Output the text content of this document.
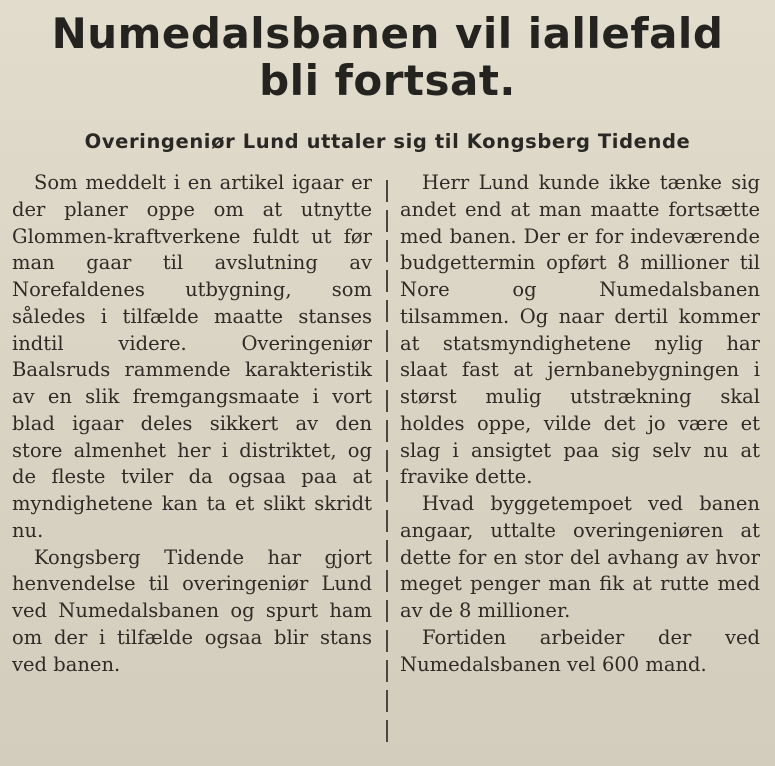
Numedalsbanen vil iallefald
bli fortsat.
Overingeniør Lund uttaler sig til Kongsberg Tidende

Som meddelt i en artikel igaar er der planer oppe om at utnytte Glommen-kraftverkene fuldt ut før man gaar til avslutning av Norefaldenes utbygning, som således i tilfælde maatte stanses indtil videre. Overingeniør Baalsruds rammende karakteristik av en slik fremgangsmaate i vort blad igaar deles sikkert av den store almenhet her i distriktet, og de fleste tviler da ogsaa paa at myndighetene kan ta et slikt skridt nu.

Kongsberg Tidende har gjort henvendelse til overingeniør Lund ved Numedalsbanen og spurt ham om der i tilfælde ogsaa blir stans ved banen.

Herr Lund kunde ikke tænke sig andet end at man maatte fortsætte med banen. Der er for indeværende budgettermin opført 8 millioner til Nore og Numedalsbanen tilsammen. Og naar dertil kommer at statsmyndighetene nylig har slaat fast at jernbanebygningen i størst mulig utstrækning skal holdes oppe, vilde det jo være et slag i ansigtet paa sig selv nu at fravike dette.

Hvad byggetempoet ved banen angaar, uttalte overingeniøren at dette for en stor del avhang av hvor meget penger man fik at rutte med av de 8 millioner.

Fortiden arbeider der ved Numedalsbanen vel 600 mand.
